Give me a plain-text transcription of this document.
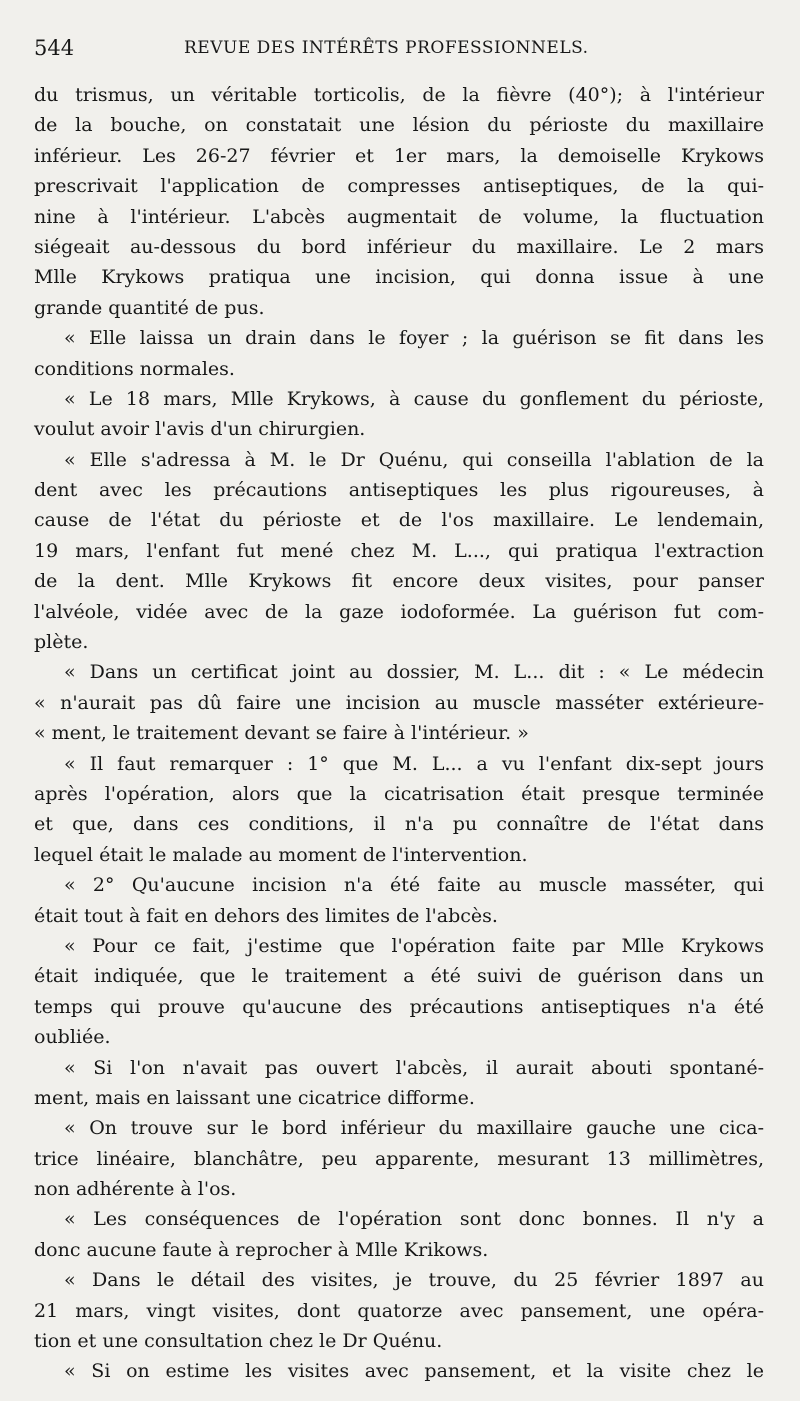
544	REVUE DES INTÉRÊTS PROFESSIONNELS.
du trismus, un véritable torticolis, de la fièvre (40°); à l'intérieur
de la bouche, on constatait une lésion du périoste du maxillaire
inférieur. Les 26-27 février et 1er mars, la demoiselle Krykows
prescrivait l'application de compresses antiseptiques, de la qui-
nine à l'intérieur. L'abcès augmentait de volume, la fluctuation
siégeait au-dessous du bord inférieur du maxillaire. Le 2 mars
Mlle Krykows pratiqua une incision, qui donna issue à une
grande quantité de pus.
« Elle laissa un drain dans le foyer ; la guérison se fit dans les
conditions normales.
« Le 18 mars, Mlle Krykows, à cause du gonflement du périoste,
voulut avoir l'avis d'un chirurgien.
« Elle s'adressa à M. le Dr Quénu, qui conseilla l'ablation de la
dent avec les précautions antiseptiques les plus rigoureuses, à
cause de l'état du périoste et de l'os maxillaire. Le lendemain,
19 mars, l'enfant fut mené chez M. L..., qui pratiqua l'extraction
de la dent. Mlle Krykows fit encore deux visites, pour panser
l'alvéole, vidée avec de la gaze iodoformée. La guérison fut com-
plète.
« Dans un certificat joint au dossier, M. L... dit : « Le médecin
« n'aurait pas dû faire une incision au muscle masséter extérieure-
« ment, le traitement devant se faire à l'intérieur. »
« Il faut remarquer : 1° que M. L... a vu l'enfant dix-sept jours
après l'opération, alors que la cicatrisation était presque terminée
et que, dans ces conditions, il n'a pu connaître de l'état dans
lequel était le malade au moment de l'intervention.
« 2° Qu'aucune incision n'a été faite au muscle masséter, qui
était tout à fait en dehors des limites de l'abcès.
« Pour ce fait, j'estime que l'opération faite par Mlle Krykows
était indiquée, que le traitement a été suivi de guérison dans un
temps qui prouve qu'aucune des précautions antiseptiques n'a été
oubliée.
« Si l'on n'avait pas ouvert l'abcès, il aurait abouti spontané-
ment, mais en laissant une cicatrice difforme.
« On trouve sur le bord inférieur du maxillaire gauche une cica-
trice linéaire, blanchâtre, peu apparente, mesurant 13 millimètres,
non adhérente à l'os.
« Les conséquences de l'opération sont donc bonnes. Il n'y a
donc aucune faute à reprocher à Mlle Krikows.
« Dans le détail des visites, je trouve, du 25 février 1897 au
21 mars, vingt visites, dont quatorze avec pansement, une opéra-
tion et une consultation chez le Dr Quénu.
« Si on estime les visites avec pansement, et la visite chez le
